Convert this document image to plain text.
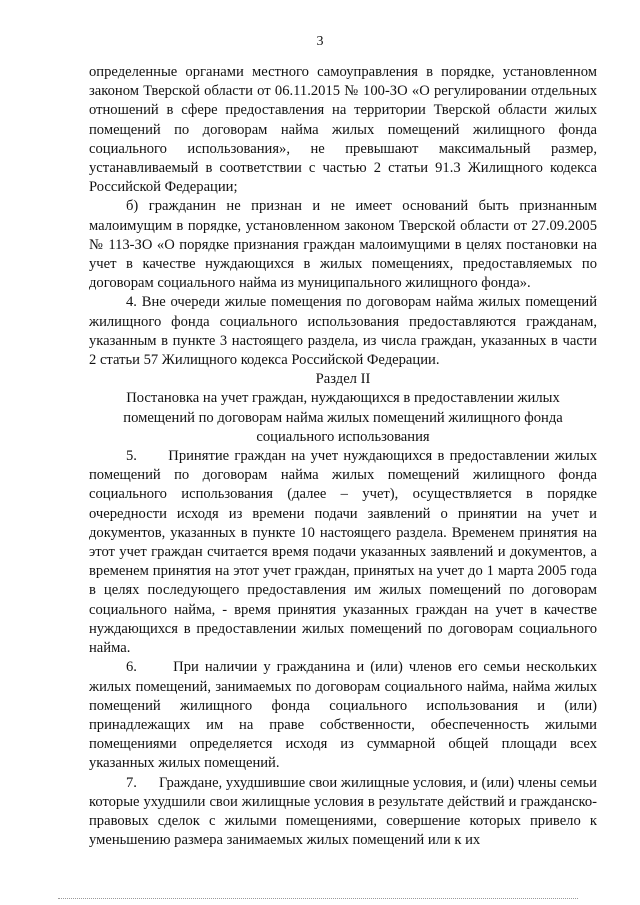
3

определенные органами местного самоуправления в порядке, установленном законом Тверской области от 06.11.2015 № 100-ЗО «О регулировании отдельных отношений в сфере предоставления на территории Тверской области жилых помещений по договорам найма жилых помещений жилищного фонда социального использования», не превышают максимальный размер, устанавливаемый в соответствии с частью 2 статьи 91.3 Жилищного кодекса Российской Федерации;

б) гражданин не признан и не имеет оснований быть признанным малоимущим в порядке, установленном законом Тверской области от 27.09.2005 № 113-ЗО «О порядке признания граждан малоимущими в целях постановки на учет в качестве нуждающихся в жилых помещениях, предоставляемых по договорам социального найма из муниципального жилищного фонда».

4. Вне очереди жилые помещения по договорам найма жилых помещений жилищного фонда социального использования предоставляются гражданам, указанным в пункте 3 настоящего раздела, из числа граждан, указанных в части 2 статьи 57 Жилищного кодекса Российской Федерации.

Раздел II

Постановка на учет граждан, нуждающихся в предоставлении жилых помещений по договорам найма жилых помещений жилищного фонда социального использования

5.      Принятие граждан на учет нуждающихся в предоставлении жилых помещений по договорам найма жилых помещений жилищного фонда социального использования (далее – учет), осуществляется в порядке очередности исходя из времени подачи заявлений о принятии на учет и документов, указанных в пункте 10 настоящего раздела. Временем принятия на этот учет граждан считается время подачи указанных заявлений и документов, а временем принятия на этот учет граждан, принятых на учет до 1 марта 2005 года в целях последующего предоставления им жилых помещений по договорам социального найма, - время принятия указанных граждан на учет в качестве нуждающихся в предоставлении жилых помещений по договорам социального найма.

6.      При наличии у гражданина и (или) членов его семьи нескольких жилых помещений, занимаемых по договорам социального найма, найма жилых помещений жилищного фонда социального использования и (или) принадлежащих им на праве собственности, обеспеченность жилыми помещениями определяется исходя из суммарной общей площади всех указанных жилых помещений.

7.      Граждане, ухудшившие свои жилищные условия, и (или) члены семьи которые ухудшили свои жилищные условия в результате действий и гражданско-правовых сделок с жилыми помещениями, совершение которых привело к уменьшению размера занимаемых жилых помещений или к их
